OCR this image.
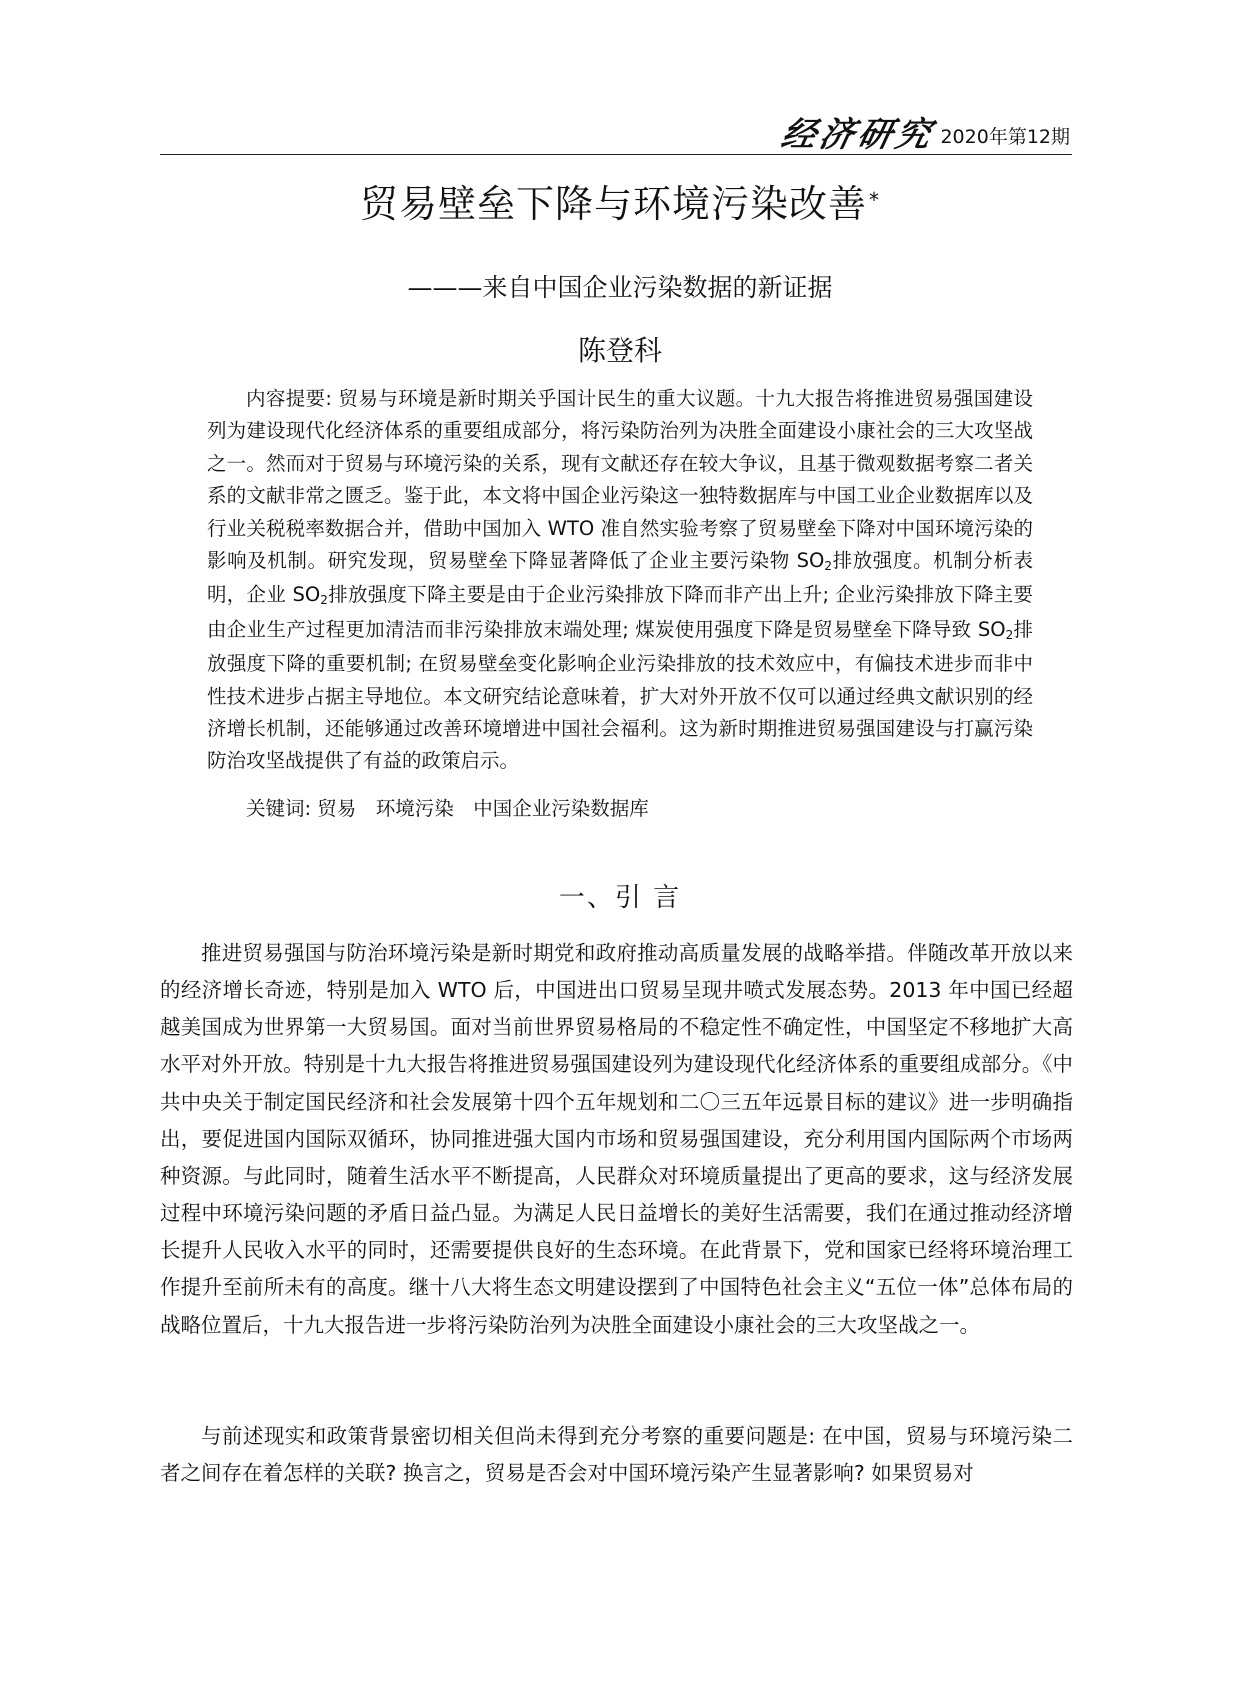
经济研究 2020年第12期
贸易壁垒下降与环境污染改善 *
———来自中国企业污染数据的新证据
陈登科

内容提要: 贸易与环境是新时期关乎国计民生的重大议题。十九大报告将推进贸易强国建设列为建设现代化经济体系的重要组成部分，将污染防治列为决胜全面建设小康社会的三大攻坚战之一。然而对于贸易与环境污染的关系，现有文献还存在较大争议，且基于微观数据考察二者关系的文献非常之匮乏。鉴于此，本文将中国企业污染这一独特数据库与中国工业企业数据库以及行业关税税率数据合并，借助中国加入 WTO 准自然实验考察了贸易壁垒下降对中国环境污染的影响及机制。研究发现，贸易壁垒下降显著降低了企业主要污染物 $SO_2$排放强度。机制分析表明，企业 $SO_2$排放强度下降主要是由于企业污染排放下降而非产出上升; 企业污染排放下降主要由企业生产过程更加清洁而非污染排放末端处理; 煤炭使用强度下降是贸易壁垒下降导致 $SO_2$排放强度下降的重要机制; 在贸易壁垒变化影响企业污染排放的技术效应中，有偏技术进步而非中性技术进步占据主导地位。本文研究结论意味着，扩大对外开放不仅可以通过经典文献识别的经济增长机制，还能够通过改善环境增进中国社会福利。这为新时期推进贸易强国建设与打赢污染防治攻坚战提供了有益的政策启示。

关键词: 贸易　环境污染　中国企业污染数据库

一、引 言

推进贸易强国与防治环境污染是新时期党和政府推动高质量发展的战略举措。伴随改革开放以来的经济增长奇迹，特别是加入 WTO 后，中国进出口贸易呈现井喷式发展态势。2013 年中国已经超越美国成为世界第一大贸易国。面对当前世界贸易格局的不稳定性不确定性，中国坚定不移地扩大高水平对外开放。特别是十九大报告将推进贸易强国建设列为建设现代化经济体系的重要组成部分。《中共中央关于制定国民经济和社会发展第十四个五年规划和二〇三五年远景目标的建议》进一步明确指出，要促进国内国际双循环，协同推进强大国内市场和贸易强国建设，充分利用国内国际两个市场两种资源。与此同时，随着生活水平不断提高，人民群众对环境质量提出了更高的要求，这与经济发展过程中环境污染问题的矛盾日益凸显。为满足人民日益增长的美好生活需要，我们在通过推动经济增长提升人民收入水平的同时，还需要提供良好的生态环境。在此背景下，党和国家已经将环境治理工作提升至前所未有的高度。继十八大将生态文明建设摆到了中国特色社会主义“五位一体”总体布局的战略位置后，十九大报告进一步将污染防治列为决胜全面建设小康社会的三大攻坚战之一。

与前述现实和政策背景密切相关但尚未得到充分考察的重要问题是: 在中国，贸易与环境污染二者之间存在着怎样的关联? 换言之，贸易是否会对中国环境污染产生显著影响? 如果贸易对
